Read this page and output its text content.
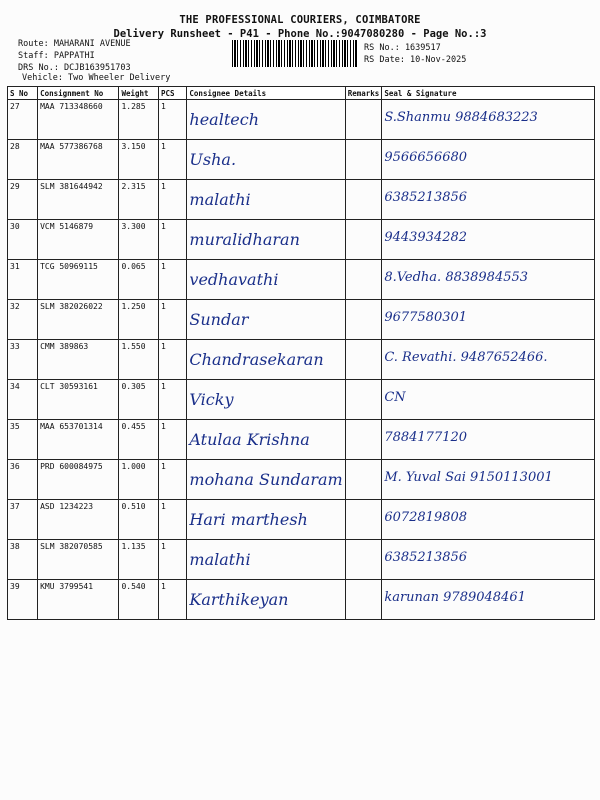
THE PROFESSIONAL COURIERS, COIMBATORE
Delivery Runsheet - P41 - Phone No.:9047080280 - Page No.:3
Route: MAHARANI AVENUE
Staff: PAPPATHI
DRS No.: DCJB163951703
Vehicle: Two Wheeler Delivery
RS No.: 1639517
RS Date: 10-Nov-2025
S No	Consignment No	Weight	PCS	Consignee Details	Remarks	Seal & Signature
27	MAA 713348660	1.285	1	healtech		S.Shanmu 9884683223

28	MAA 577386768	3.150	1	Usha.		9566656680

29	SLM 381644942	2.315	1	malathi		6385213856

30	VCM 5146879	3.300	1	muralidharan		9443934282

31	TCG 50969115	0.065	1	vedhavathi		8.Vedha. 8838984553

32	SLM 382026022	1.250	1	Sundar		9677580301

33	CMM 389863	1.550	1	Chandrasekaran		C. Revathi. 9487652466.

34	CLT 30593161	0.305	1	Vicky		CN

35	MAA 653701314	0.455	1	Atulaa Krishna		7884177120

36	PRD 600084975	1.000	1	mohana Sundaram		M. Yuval Sai 9150113001

37	ASD 1234223	0.510	1	Hari marthesh		6072819808

38	SLM 382070585	1.135	1	malathi		6385213856

39	KMU 3799541	0.540	1	Karthikeyan		karunan 9789048461
